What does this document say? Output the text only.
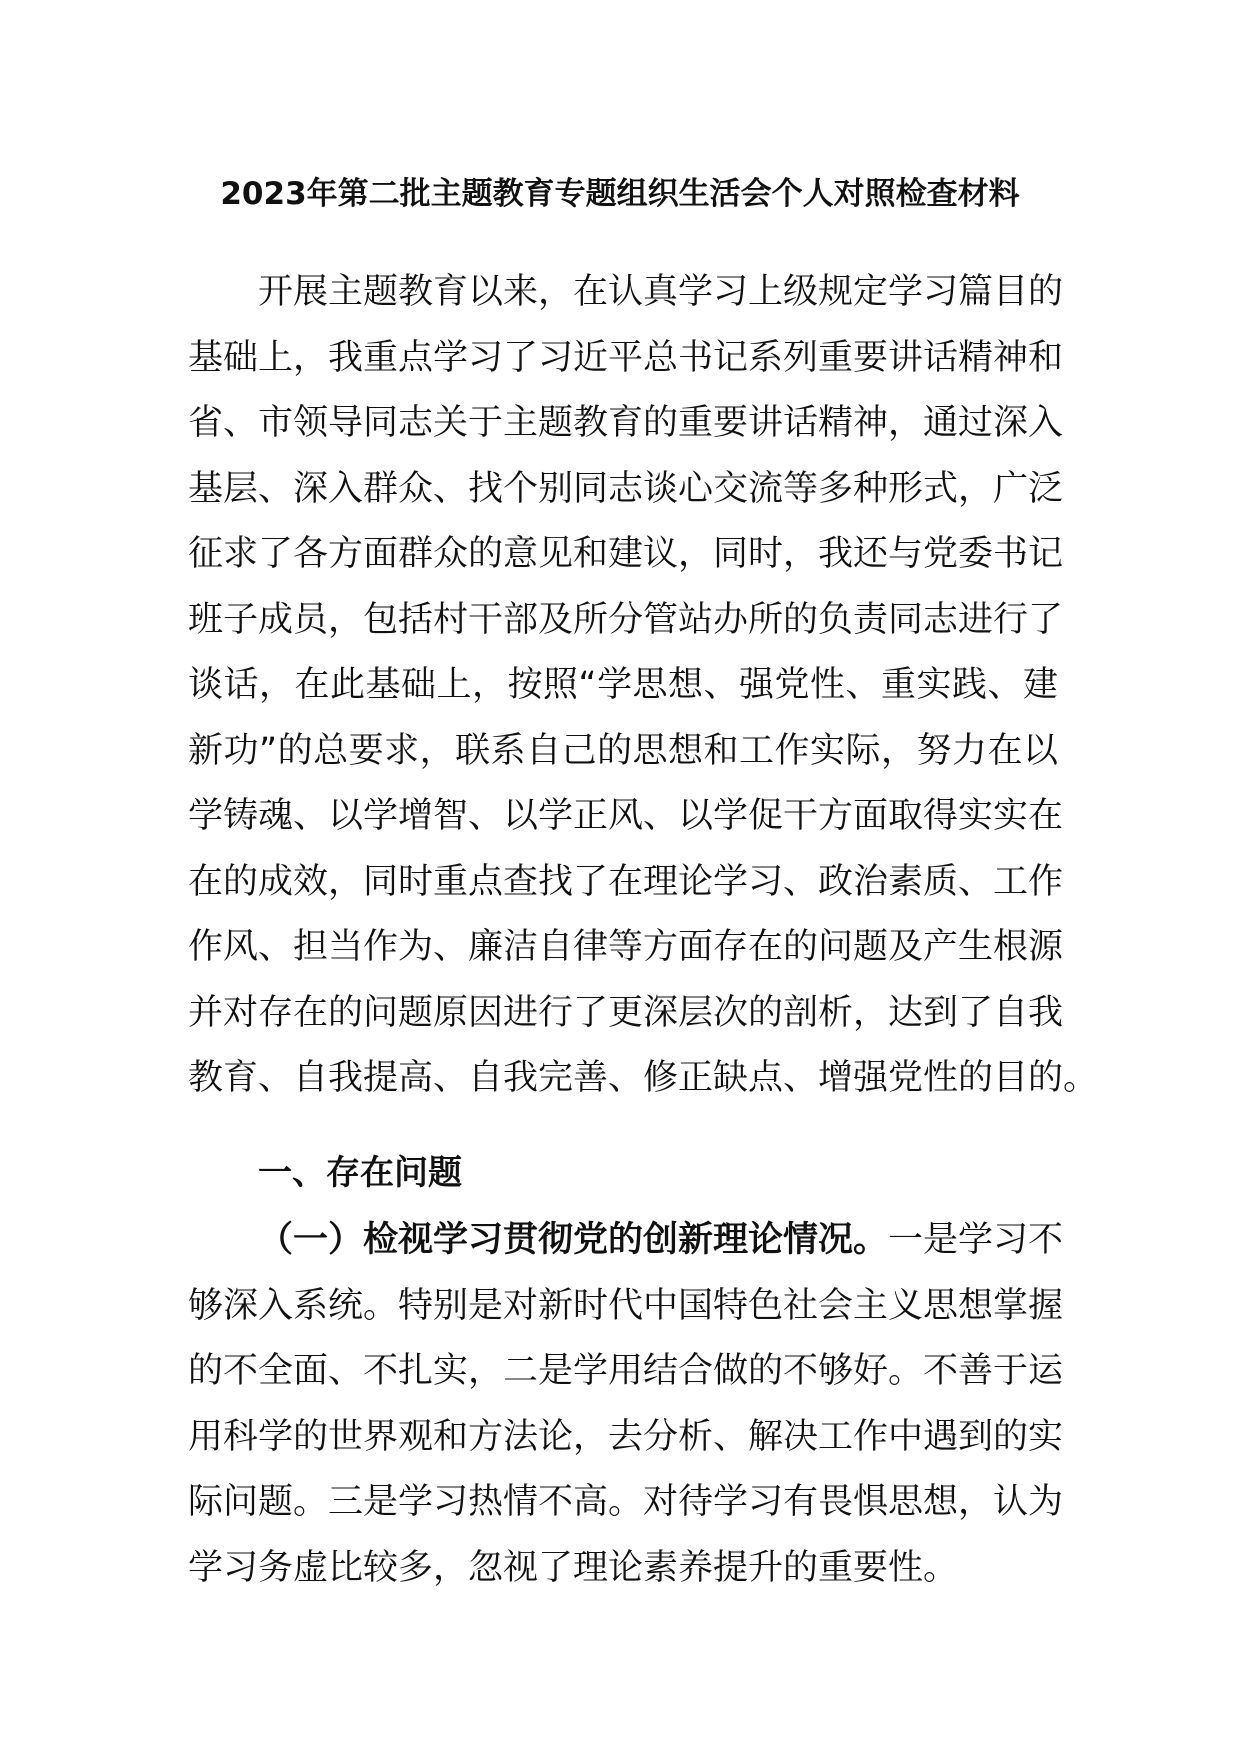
2023年第二批主题教育专题组织生活会个人对照检查材料
开展主题教育以来，在认真学习上级规定学习篇目的
基础上，我重点学习了习近平总书记系列重要讲话精神和
省、市领导同志关于主题教育的重要讲话精神，通过深入
基层、深入群众、找个别同志谈心交流等多种形式，广泛
征求了各方面群众的意见和建议，同时，我还与党委书记
班子成员，包括村干部及所分管站办所的负责同志进行了
谈话，在此基础上，按照“学思想、强党性、重实践、建
新功”的总要求，联系自己的思想和工作实际，努力在以
学铸魂、以学增智、以学正风、以学促干方面取得实实在
在的成效，同时重点查找了在理论学习、政治素质、工作
作风、担当作为、廉洁自律等方面存在的问题及产生根源
并对存在的问题原因进行了更深层次的剖析，达到了自我
教育、自我提高、自我完善、修正缺点、增强党性的目的。
一、存在问题
（一）检视学习贯彻党的创新理论情况。一是学习不
够深入系统。特别是对新时代中国特色社会主义思想掌握
的不全面、不扎实，二是学用结合做的不够好。不善于运
用科学的世界观和方法论，去分析、解决工作中遇到的实
际问题。三是学习热情不高。对待学习有畏惧思想，认为
学习务虚比较多，忽视了理论素养提升的重要性。
